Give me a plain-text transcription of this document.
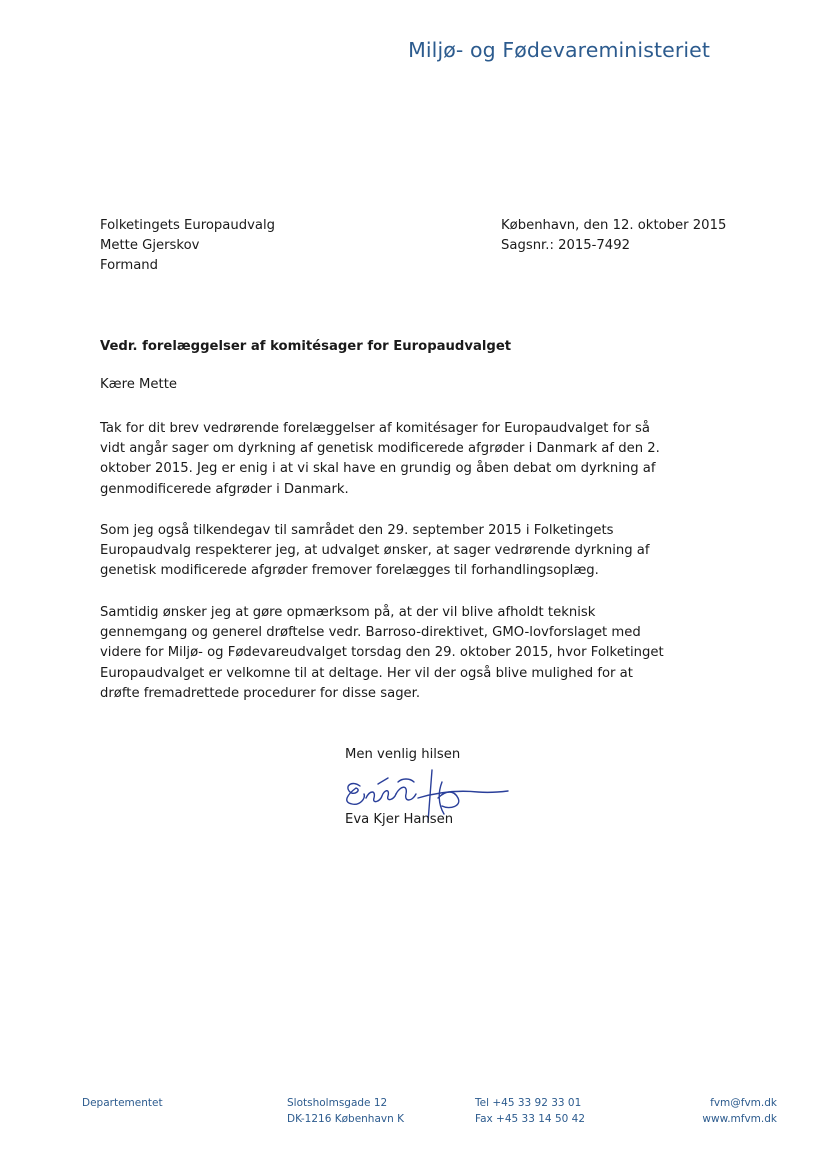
Miljø- og Fødevareministeriet
Folketingets Europaudvalg
Mette Gjerskov
Formand
København, den 12. oktober 2015
Sagsnr.: 2015-7492
Vedr. forelæggelser af komitésager for Europaudvalget
Kære Mette
Tak for dit brev vedrørende forelæggelser af komitésager for Europaudvalget for så
vidt angår sager om dyrkning af genetisk modificerede afgrøder i Danmark af den 2.
oktober 2015. Jeg er enig i at vi skal have en grundig og åben debat om dyrkning af
genmodificerede afgrøder i Danmark.
Som jeg også tilkendegav til samrådet den 29. september 2015 i Folketingets
Europaudvalg respekterer jeg, at udvalget ønsker, at sager vedrørende dyrkning af
genetisk modificerede afgrøder fremover forelægges til forhandlingsoplæg.
Samtidig ønsker jeg at gøre opmærksom på, at der vil blive afholdt teknisk
gennemgang og generel drøftelse vedr. Barroso-direktivet, GMO-lovforslaget med
videre for Miljø- og Fødevareudvalget torsdag den 29. oktober 2015, hvor Folketinget
Europaudvalget er velkomne til at deltage. Her vil der også blive mulighed for at
drøfte fremadrettede procedurer for disse sager.
Men venlig hilsen
Eva Kjer Hansen
Departementet	Slotsholmsgade 12
DK-1216 København K
Tel +45 33 92 33 01
Fax +45 33 14 50 42
fvm@fvm.dk
www.mfvm.dk
